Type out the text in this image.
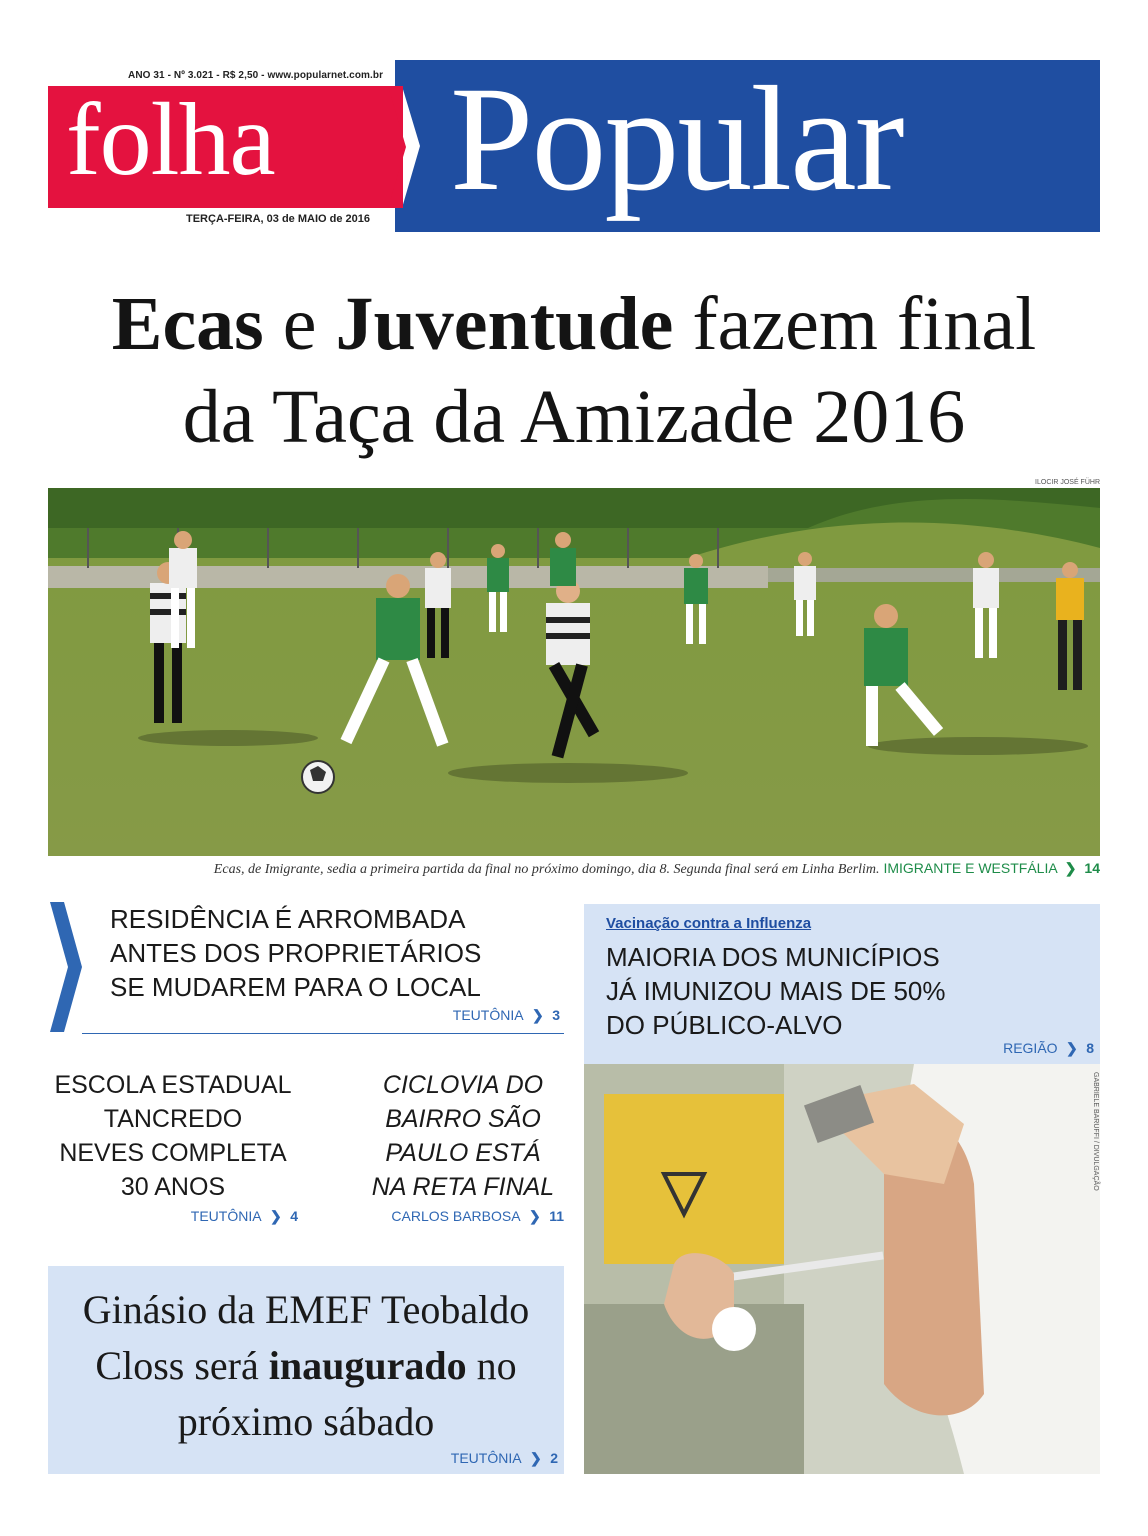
ANO 31 - Nº 3.021 - R$ 2,50 - www.popularnet.com.br
folha Popular
TERÇA-FEIRA, 03 de MAIO de 2016
Ecas e Juventude fazem final
da Taça da Amizade 2016
ILOCIR JOSÉ FÜHR
Ecas, de Imigrante, sedia a primeira partida da final no próximo domingo, dia 8. Segunda final será em Linha Berlim. IMIGRANTE E WESTFÁLIA ❯ 14
RESIDÊNCIA É ARROMBADA
ANTES DOS PROPRIETÁRIOS
SE MUDAREM PARA O LOCAL
TEUTÔNIA ❯ 3
ESCOLA ESTADUAL
TANCREDO
NEVES COMPLETA
30 ANOS
TEUTÔNIA ❯ 4
CICLOVIA DO
BAIRRO SÃO
PAULO ESTÁ
NA RETA FINAL
CARLOS BARBOSA ❯ 11
Ginásio da EMEF Teobaldo Closs será inaugurado no próximo sábado
TEUTÔNIA ❯ 2
Vacinação contra a Influenza
MAIORIA DOS MUNICÍPIOS
JÁ IMUNIZOU MAIS DE 50%
DO PÚBLICO-ALVO
REGIÃO ❯ 8
GABRIELE BARUFFI / DIVULGAÇÃO
